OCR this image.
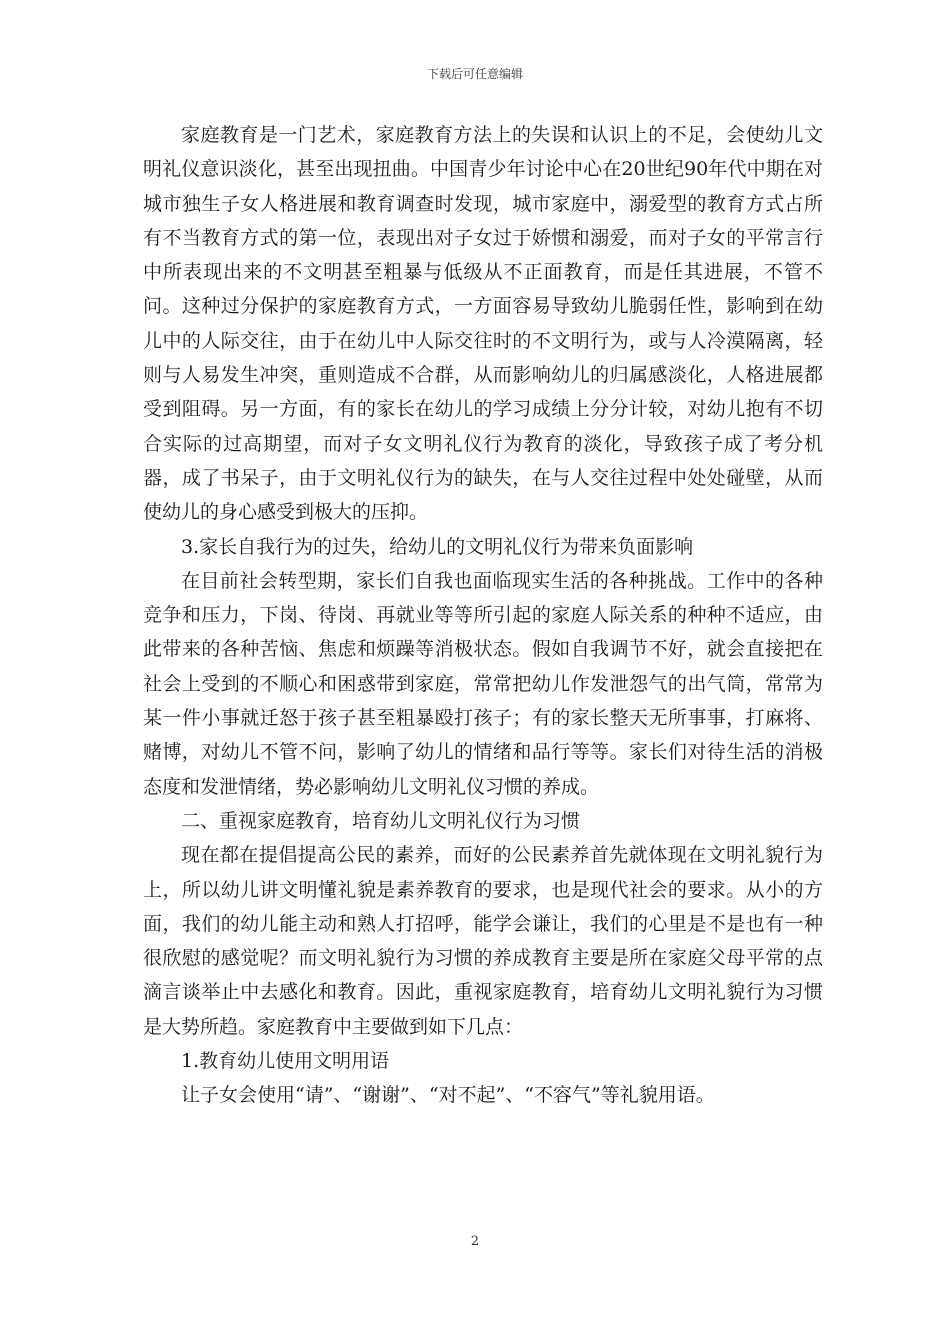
下载后可任意编辑

家庭教育是一门艺术，家庭教育方法上的失误和认识上的不足，会使幼儿文明礼仪意识淡化，甚至出现扭曲。中国青少年讨论中心在20世纪90年代中期在对城市独生子女人格进展和教育调查时发现，城市家庭中，溺爱型的教育方式占所有不当教育方式的第一位，表现出对子女过于娇惯和溺爱，而对子女的平常言行中所表现出来的不文明甚至粗暴与低级从不正面教育，而是任其进展，不管不问。这种过分保护的家庭教育方式，一方面容易导致幼儿脆弱任性，影响到在幼儿中的人际交往，由于在幼儿中人际交往时的不文明行为，或与人冷漠隔离，轻则与人易发生冲突，重则造成不合群，从而影响幼儿的归属感淡化，人格进展都受到阻碍。另一方面，有的家长在幼儿的学习成绩上分分计较，对幼儿抱有不切合实际的过高期望，而对子女文明礼仪行为教育的淡化，导致孩子成了考分机器，成了书呆子，由于文明礼仪行为的缺失，在与人交往过程中处处碰壁，从而使幼儿的身心感受到极大的压抑。

3.家长自我行为的过失，给幼儿的文明礼仪行为带来负面影响

在目前社会转型期，家长们自我也面临现实生活的各种挑战。工作中的各种竞争和压力，下岗、待岗、再就业等等所引起的家庭人际关系的种种不适应，由此带来的各种苦恼、焦虑和烦躁等消极状态。假如自我调节不好，就会直接把在社会上受到的不顺心和困惑带到家庭，常常把幼儿作发泄怨气的出气筒，常常为某一件小事就迁怒于孩子甚至粗暴殴打孩子；有的家长整天无所事事，打麻将、赌博，对幼儿不管不问，影响了幼儿的情绪和品行等等。家长们对待生活的消极态度和发泄情绪，势必影响幼儿文明礼仪习惯的养成。

二、重视家庭教育，培育幼儿文明礼仪行为习惯

现在都在提倡提高公民的素养，而好的公民素养首先就体现在文明礼貌行为上，所以幼儿讲文明懂礼貌是素养教育的要求，也是现代社会的要求。从小的方面，我们的幼儿能主动和熟人打招呼，能学会谦让，我们的心里是不是也有一种很欣慰的感觉呢？而文明礼貌行为习惯的养成教育主要是所在家庭父母平常的点滴言谈举止中去感化和教育。因此，重视家庭教育，培育幼儿文明礼貌行为习惯是大势所趋。家庭教育中主要做到如下几点：

1.教育幼儿使用文明用语

让子女会使用“请”、“谢谢”、“对不起”、“不容气”等礼貌用语。

2
